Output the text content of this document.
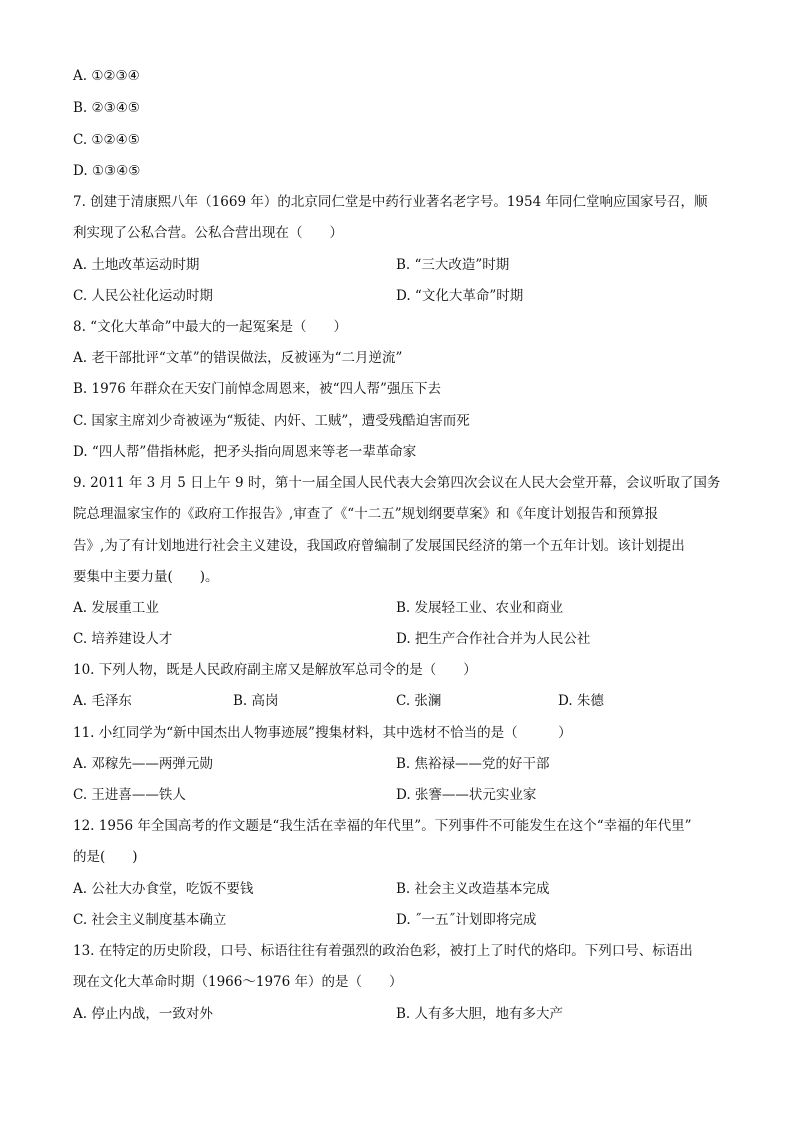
A. ①②③④
B. ②③④⑤
C. ①②④⑤
D. ①③④⑤
7. 创建于清康熙八年（1669 年）的北京同仁堂是中药行业著名老字号。1954 年同仁堂响应国家号召，顺
利实现了公私合营。公私合营出现在（　　）
A. 土地改革运动时期	B. “三大改造”时期
C. 人民公社化运动时期	D. “文化大革命”时期
8. “文化大革命”中最大的一起冤案是（　　）
A. 老干部批评“文革”的错误做法，反被诬为“二月逆流”
B. 1976 年群众在天安门前悼念周恩来，被“四人帮”强压下去
C. 国家主席刘少奇被诬为“叛徒、内奸、工贼”，遭受残酷迫害而死
D. “四人帮”借指林彪，把矛头指向周恩来等老一辈革命家
9. 2011 年 3 月 5 日上午 9 时，第十一届全国人民代表大会第四次会议在人民大会堂开幕，会议听取了国务
院总理温家宝作的《政府工作报告》,审查了《“十二五”规划纲要草案》和《年度计划报告和预算报
告》,为了有计划地进行社会主义建设，我国政府曾编制了发展国民经济的第一个五年计划。该计划提出
要集中主要力量(　　)。
A. 发展重工业	B. 发展轻工业、农业和商业
C. 培养建设人才	D. 把生产合作社合并为人民公社
10. 下列人物，既是人民政府副主席又是解放军总司令的是（　　）
A. 毛泽东	B. 高岗	C. 张澜	D. 朱德
11. 小红同学为“新中国杰出人物事迹展”搜集材料，其中选材不恰当的是（　　　）
A. 邓稼先——两弹元勋	B. 焦裕禄——党的好干部
C. 王进喜——铁人	D. 张謇——状元实业家
12. 1956 年全国高考的作文题是“我生活在幸福的年代里”。下列事件不可能发生在这个“幸福的年代里”
的是(　　)
A. 公社大办食堂，吃饭不要钱	B. 社会主义改造基本完成
C. 社会主义制度基本确立	D. ˝一五˝计划即将完成
13. 在特定的历史阶段，口号、标语往往有着强烈的政治色彩，被打上了时代的烙印。下列口号、标语出
现在文化大革命时期（1966～1976 年）的是（　　）
A. 停止内战，一致对外	B. 人有多大胆，地有多大产
